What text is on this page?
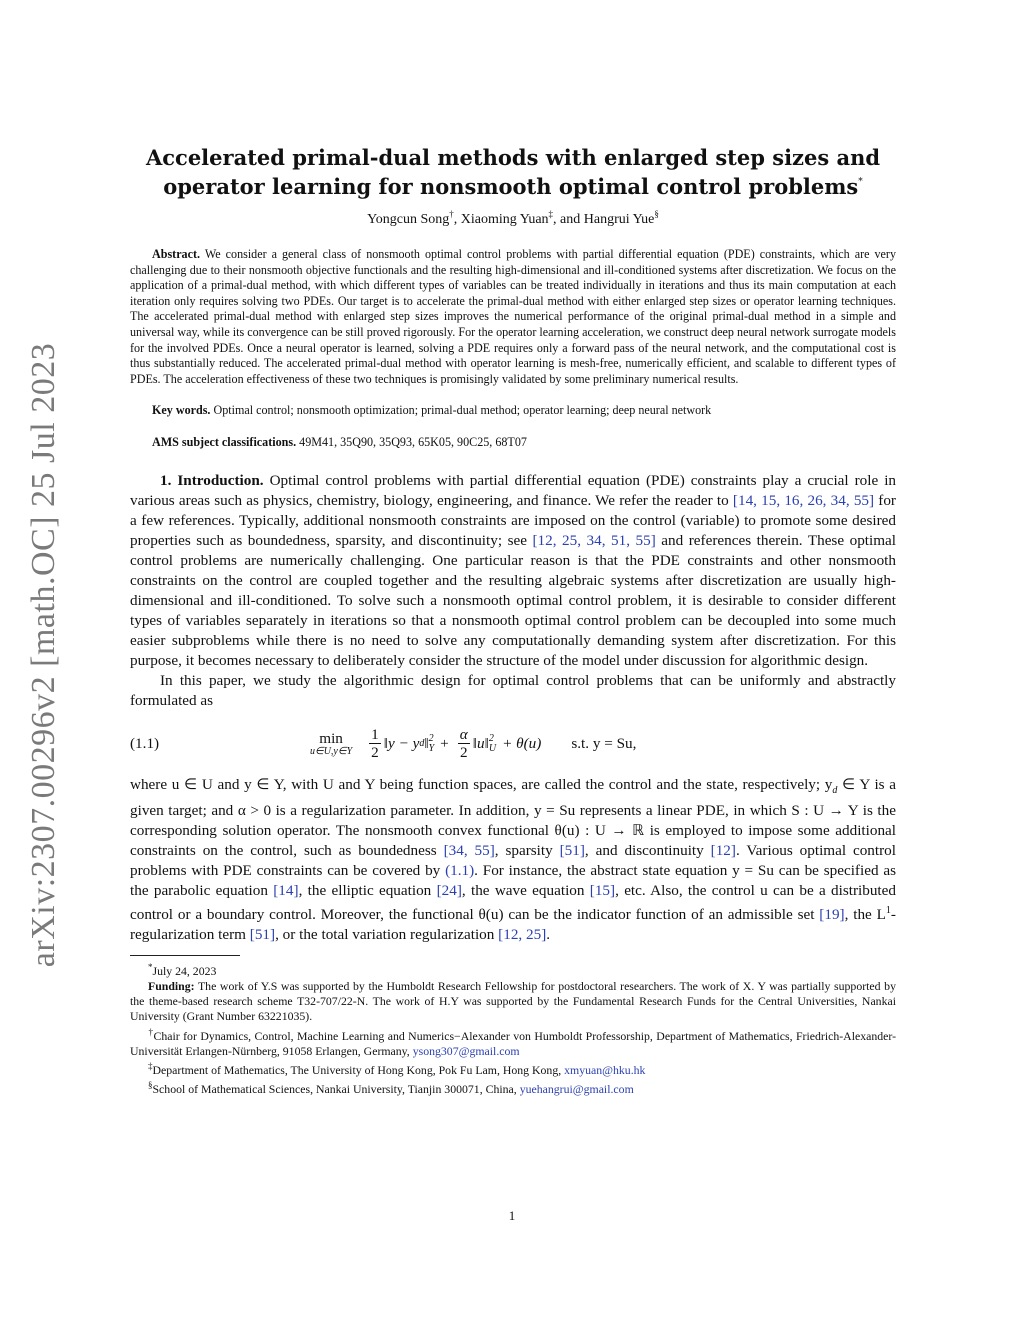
arXiv:2307.00296v2 [math.OC] 25 Jul 2023
Accelerated primal-dual methods with enlarged step sizes and
operator learning for nonsmooth optimal control problems*
Yongcun Song†, Xiaoming Yuan‡, and Hangrui Yue§
Abstract. We consider a general class of nonsmooth optimal control problems with partial differential equation (PDE) constraints, which are very challenging due to their nonsmooth objective functionals and the resulting high-dimensional and ill-conditioned systems after discretization. We focus on the application of a primal-dual method, with which different types of variables can be treated individually in iterations and thus its main computation at each iteration only requires solving two PDEs. Our target is to accelerate the primal-dual method with either enlarged step sizes or operator learning techniques. The accelerated primal-dual method with enlarged step sizes improves the numerical performance of the original primal-dual method in a simple and universal way, while its convergence can be still proved rigorously. For the operator learning acceleration, we construct deep neural network surrogate models for the involved PDEs. Once a neural operator is learned, solving a PDE requires only a forward pass of the neural network, and the computational cost is thus substantially reduced. The accelerated primal-dual method with operator learning is mesh-free, numerically efficient, and scalable to different types of PDEs. The acceleration effectiveness of these two techniques is promisingly validated by some preliminary numerical results.
Key words. Optimal control; nonsmooth optimization; primal-dual method; operator learning; deep neural network
AMS subject classifications. 49M41, 35Q90, 35Q93, 65K05, 90C25, 68T07

1. Introduction. Optimal control problems with partial differential equation (PDE) constraints play a crucial role in various areas such as physics, chemistry, biology, engineering, and finance. We refer the reader to [14, 15, 16, 26, 34, 55] for a few references. Typically, additional nonsmooth constraints are imposed on the control (variable) to promote some desired properties such as boundedness, sparsity, and discontinuity; see [12, 25, 34, 51, 55] and references therein. These optimal control problems are numerically challenging. One particular reason is that the PDE constraints and other nonsmooth constraints on the control are coupled together and the resulting algebraic systems after discretization are usually high-dimensional and ill-conditioned. To solve such a nonsmooth optimal control problem, it is desirable to consider different types of variables separately in iterations so that a nonsmooth optimal control problem can be decoupled into some much easier subproblems while there is no need to solve any computationally demanding system after discretization. For this purpose, it becomes necessary to deliberately consider the structure of the model under discussion for algorithmic design.

In this paper, we study the algorithmic design for optimal control problems that can be uniformly and abstractly formulated as

(1.1)	min
u∈U,y∈Y $\frac{1}{2}$ ‖y − y d ‖ 2
$Y + \frac{\alpha}{2}$ ‖u‖ 2
U + θ(u) s.t. y = Su,

where u ∈ U and y ∈ Y, with U and Y being function spaces, are called the control and the state, respectively; $y_d$ ∈ Y is a given target; and α > 0 is a regularization parameter. In addition, y = Su represents a linear PDE, in which S : U → Y is the corresponding solution operator. The nonsmooth convex functional θ(u) : U → ℝ is employed to impose some additional constraints on the control, such as boundedness [34, 55], sparsity [51], and discontinuity [12]. Various optimal control problems with PDE constraints can be covered by (1.1). For instance, the abstract state equation y = Su can be specified as the parabolic equation [14], the elliptic equation [24], the wave equation [15], etc. Also, the control u can be a distributed control or a boundary control. Moreover, the functional θ(u) can be the indicator function of an admissible set [19], the $L^1$-regularization term [51], or the total variation regularization [12, 25].

*July 24, 2023

Funding: The work of Y.S was supported by the Humboldt Research Fellowship for postdoctoral researchers. The work of X. Y was partially supported by the theme-based research scheme T32-707/22-N. The work of H.Y was supported by the Fundamental Research Funds for the Central Universities, Nankai University (Grant Number 63221035).

†Chair for Dynamics, Control, Machine Learning and Numerics−Alexander von Humboldt Professorship, Department of Mathematics, Friedrich-Alexander-Universität Erlangen-Nürnberg, 91058 Erlangen, Germany, ysong307@gmail.com

‡Department of Mathematics, The University of Hong Kong, Pok Fu Lam, Hong Kong, xmyuan@hku.hk

§School of Mathematical Sciences, Nankai University, Tianjin 300071, China, yuehangrui@gmail.com

1
